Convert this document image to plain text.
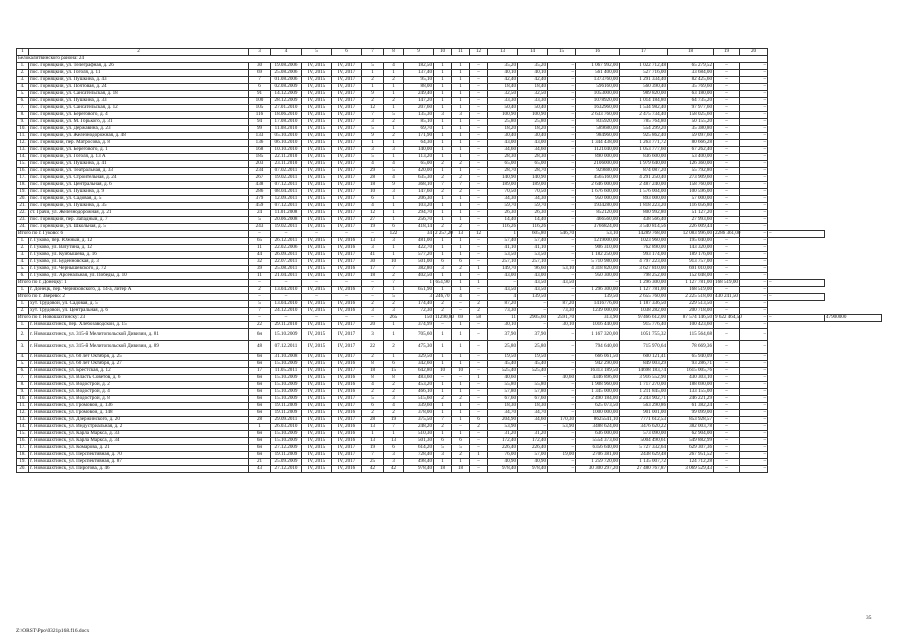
1	2	3	4	5	6	7	8	9	10	11	12	13	14	15	16	17	18	19	20		
Белокалитвинского района: 24																					
1.	пос. Горняцкий, ул. Телеграфная, д. 26	30	19.08.2006	IV, 2015	IV, 2017	5	4	182,50	1	1	–	35,20	35,20	–	1 067 992,00	1 022 712,48	65 279,52	–	–		
2.	пос. Горняцкий, ул. Гоголя, д. 11	69	25.08.2006	IV, 2015	IV, 2017	1	1	137,40	1	1	–	40,10	40,10	–	561 400,00	527 716,00	33 684,00	–	–		
3.	пос. Горняцкий, ул. Пушкина, д. 43	7	01.08.2006	IV, 2015	IV, 2017	2	2	95,10	1	1	–	42,40	42,40	–	1373760,00	1 291 334,40	82 425,60	–	–		
4.	пос. Горняцкий, ул. Почтовая, д. 24	6	02.08.2009	IV, 2015	IV, 2017	1	1	88,00	1	1	–	18,40	18,40	–	596160,00	560 390,40	35 769,60	–	–		
5.	пос. Горняцкий, ул. Сансательская, д. 18	91	14.12.2009	IV, 2015	IV, 2017	9	1	249,40	1	1	–	32,50	32,50	–	1053000,00	989 820,00	63 180,00	–	–		
6.	пос. Горняцкий, ул. Пушкина, д. 33	100	28.12.2009	IV, 2015	IV, 2017	2	2	147,20	1	1	–	33,30	33,30	–	1078920,00	1 014 184,80	64 735,20	–	–		
7.	пос. Горняцкий, ул. Сансательская, д. 12	105	27.01.2010	IV, 2015	IV, 2017	12	1	207,60	1	1	–	50,40	50,40	–	1632960,00	1 534 982,40	97 977,60	–	–		
8.	пос. Горняцкий, ул. Берегового, д. 4	116	18.06.2010	IV, 2015	IV, 2017	7	5	135,30	3	3	–	100,90	100,90	–	2 633 760,00	2 475 734,40	158 025,60	–	–		
9.	пос. Горняцкий, ул. М. Горького, д. 31	94	17.08.2010	IV, 2015	IV, 2017	3	2	85,10	1	1	–	25,80	25,80	–	835920,00	785 764,80	50 155,20	–	–		
10.	пос. Горняцкий, ул. Державина, д. 23	99	11.08.2010	IV, 2015	IV, 2017	5	1	69,70	1	1	–	18,20	18,20	–	589680,00	554 299,20	35 380,80	–	–		
11.	пос. Горняцкий, ул. Железнодорожная, д. 48	133	05.10.2010	IV, 2015	IV, 2017	9	2	171,90	1	1	–	30,40	30,40	–	984960,00	925 862,40	59 097,60	–	–		
12.	пос. Горняцкий, пер. Матросова, д. 8	136	06.10.2010	IV, 2015	IV, 2017	1	1	64,30	1	1	–	43,00	43,00	–	1 344 438,00	1 263 771,72	80 666,28	–	–		
13.	пос. Горняцкий, ул. Берегового, д. 1	168	10.10.2010	IV, 2015	IV, 2017	3	3	140,00	1	1	–	34,60	34,60	–	1121040,00	1 053 777,60	67 262,40	–	–		
14.	пос. Горняцкий, ул. Гоголя, д. 13 А	185	22.11.2010	IV, 2015	IV, 2017	5	1	113,20	1	1	–	28,30	28,30	–	890 000,00	836 600,00	53 400,00	–	–		
15.	пос. Горняцкий, ул. Пушкина, д. 41	203	23.11.2010	IV, 2015	IV, 2017	4	4	65,00	2	2	–	65,00	65,00	–	2106000,00	1 979 640,00	126 360,00	–	–		
16.	пос. Горняцкий, ул. Театральная, д. 33	234	07.02.2011	IV, 2015	IV, 2017	29	5	420,00	1	1	–	28,70	28,70	–	929880,00	874 087,20	55 792,80	–	–		
17.	пос. Горняцкий, ул. Строительная, д. 24	267	19.02.2011	IV, 2015	IV, 2017	28	4	635,30	2	2	–	140,90	140,90	–	4565160,00	4 291 250,40	273 909,60	–	–		
18.	пос. Горняцкий, ул. Центральная, д. 6	438	07.12.2011	IV, 2015	IV, 2017	18	9	368,10	7	7	–	189,00	189,00	–	2 646 000,00	2 487 240,00	158 760,00	–	–		
19.	пос. Горняцкий, ул. Пушкина, д. 9	286	08.04.2011	IV, 2015	IV, 2017	10	3	147,60	2	2	–	70,50	70,50	–	1 676 600,00	1 576 004,00	100 596,00	–	–		
20.	пос. Горняцкий, ул. Садовая, д. 5	379	12.09.2011	IV, 2015	IV, 2017	6	1	206,30	1	1	–	34,30	34,30	–	950 000,00	893 000,00	57 000,00	–	–		
21.	пос. Горняцкий, ул. Пушкина, д. 35	459	07.12.2011	IV, 2015	IV, 2017	4	1	103,20	1	1	–	59,70	59,70	–	1934280,00	1 818 223,20	116 056,80	–	–		
22.	ст. Грачи, ул. Железнодорожная, д. 21	24	11.01.2008	IV, 2015	IV, 2017	12	1	294,70	1	1	–	26,30	26,30	–	852120,00	800 992,80	51 127,20	–	–		
23.	пос. Горняцкий, пер. Западный, д. 7	5	20.06.2008	IV, 2015	IV, 2017	27	1	256,70	1	1	–	14,40	14,40	–	466560,00	438 566,40	27 993,60	–	–		
24.	пос. Горняцкий, ул. Школьная, д. 5	243	19.02.2011	IV, 2015	IV, 2017	19	6	418,14	2	2	–	116,26	116,26	–	3766824,00	3 540 814,56	226 009,44	–	–		
Итого по г. Гуково: 6		–	–	–	–	–	122	34	2 257,20	13	12	1	605,80	546,70	53,10	14289 768,00	12 083 996,00	2286 361,00	–	–	
1.	г. Гуково, пер. Южный, д. 12	65	26.12.2011	IV, 2015	IV, 2016	13	3	481,00	1	1	–	57,40	57,40	–	1219000,00	1023 960,00	195 040,00	–	–		
2.	г. Гуково, ул. Ватутина, д. 12	11	22.02.2006	IV, 2015	IV, 2016	3	1	422,70	1	1	–	41,10	41,10	–	906 310,00	762 890,00	143 320,00	–	–		
3.	г. Гуково, ул. Куйбышева, д. 16	44	26.09.2011	IV, 2015	IV, 2017	41	1	577,20	1	1	–	53,50	53,50	–	1 182 250,00	993 174,00	189 176,00	–	–		
4.	г. Гуково, ул. Буденновская, д. 3	32	22.07.2011	IV, 2015	IV, 2017	30	10	501,00	6	6	–	257,10	257,10	–	5 710 980,00	4 797 223,00	913 757,00	–	–		
5.	г. Гуково, ул. Чернышевского, д. 72	39	25.08.2011	IV, 2015	IV, 2016	17	7	382,80	3	2	1	149,70	96,60	53,10	4 318 820,00	3 627 810,00	691 010,00	–	–		
6.	г. Гуково, ул. Арсенальная, ул. Победы, д. 10	11	21.04.2011	IV, 2015	IV, 2017	18	2	402,50	1	1	–	43,00	43,00	–	950 300,00	798 252,00	152 048,00	–	–		
Итого по г. Донецку: 1		–	–	–	–	–	7	1	651,90	1	1	–	43,50	43,50	–	1 296 300,00	1 127 781,00	168 519,00	–	–	
1.	г. Донецк, пер. Черняховского, д. 14-а, литер А	2	13.04.2010	IV, 2015	IV, 2016	7	1	651,90	1	1	–	43,50	43,50	–	1 296 300,00	1 127 781,00	168 519,00	–	–		
Итого по г. Зверево: 2		–	–	–	–	–	5	3	246,70	4	–	4	139,50	–	139,50	2 655 760,00	2 225 518,00	430 241,50	–	–	
1.	хут. Трудовой, ул. Садовая, д. 5	5	13.04.2010	IV, 2015	IV, 2016	2	2	174,40	2	–	2	87,20	–	87,20	1416776,00	1 187 336,50	229 513,50	–	–		
2.	хут. Трудовой, ул. Центральная, д. 6	7	24.12.2010	IV, 2015	IV, 2016	3	3	72,30	2	–	2	73,30	–	73,30	1239 000,00	1038 282,00	200 718,00	–	–		
Итого по г. Новошахтинску: 23		–	–	–	–	–	265	150	11290,80	69	58	11	2905,60	2591,70	313,90	97466 612,00	87 574 146,50	9 622 464,50	–	–	47900000
1.	г. Новошахтинск, пер. Хлебозаводской, д. 15	22	29.11.2010	IV, 2015	IV, 2017	20	1	374,99	–	1	–	30,10	–	30,10	1016 440,00	915 776,40	100 423,60	–	–		
2.	г. Новошахтинск, ул. 315-й Мелитопольской Дивизии, д. 81	6н	15.10.2009	IV, 2015	IV, 2017	3	1	705,60	1	1	–	37,90	37,90	–	1 167 320,00	1051 755,32	115 564,68	–	–		
3.	г. Новошахтинск, ул. 315-й Мелитопольской Дивизии, д. 89	48	07.12.2011	IV, 2015	IV, 2017	22	2	475,30	1	1	–	25,80	25,80	–	794 640,00	715 970,64	78 669,36	–	–		
4.	г. Новошахтинск, ул. 60 лет Октября, д. 25	6н	31.10.2008	IV, 2015	IV, 2017	2	1	329,50	1	1	–	19,50	19,50	–	666 061,50	600 121,41	65 940,09	–	–		
5.	г. Новошахтинск, ул. 60 лет Октября, д. 27	6н	15.10.2009	IV, 2015	IV, 2016	8	6	342,60	1	1	–	45,40	45,40	–	942 290,00	849 003,29	93 286,71	–	–		
6.	г. Новошахтинск, ул. Брестская, д. 12	17	11.05.2011	IV, 2015	IV, 2017	18	15	642,80	10	10	–	525,40	525,40	–	16313 189,50	14698 183,74	1615 005,76	–	–		
7.	г. Новошахтинск, ул. Власть Советов, д. 6	6н	15.10.2009	IV, 2015	IV, 2016	8	8	483,60	–	–	1	40,60	–	40,60	4346 896,00	3 916 552,90	430 303,10	–	–		
8.	г. Новошахтинск, ул. Водострой, д. 2	6н	15.10.2009	IV, 2015	IV, 2016	4	2	453,20	1	1	–	55,80	55,80	–	1 908 960,00	1 717 270,00	188 690,00	–	–		
9.	г. Новошахтинск, ул. Водострой, д. 4	6н	15.10.2009	IV, 2015	IV, 2016	2	2	466,10	1	1	–	57,80	57,80	–	1 345 000,00	1 211 845,00	133 155,00	–	–		
10.	г. Новошахтинск, ул. Водострой, д. 8	6н	15.10.2009	IV, 2015	IV, 2017	5	3	515,60	2	2	–	67,60	67,60	–	2 490 184,00	2 243 902,71	246 221,29	–	–		
11.	г. Новошахтинск, ул. Громовой, д. 136	6н	19.11.2009	IV, 2015	IV, 2017	6	4	339,60	1	1	–	18,30	18,30	–	625 073,50	563 290,86	61 382,24	–	–		
12.	г. Новошахтинск, ул. Громовой, д. 148	6н	19.11.2009	IV, 2015	IV, 2016	2	2	378,00	1	1	–	34,70	34,70	–	1000 000,00	901 001,00	99 099,00	–	–		
13.	г. Новошахтинск, ул. Дзержинского, д. 20	28	29.09.2011	IV, 2015	IV, 2017	28	19	375,50	7	1	6	204,90	34,60	170,30	8625541,10	7771 612,53	853 928,57	–	–		
14.	г. Новошахтинск, ул. Индустриальная, д. 2	1	26.03.2010	IV, 2015	IV, 2016	13	7	248,20	2	–	2	53,90	–	53,90	3488 624,00	3476 620,22	382 003,78	–	–		
15.	г. Новошахтинск, ул. Карла Маркса, д. 33	6н	15.10.2009	IV, 2015	IV, 2016	1	1	510,30	1	1	–	31,20	31,20	–	636 000,00	573 090,00	62 904,00	–	–		
16.	г. Новошахтинск, ул. Карла Маркса, д. 34	6н	15.10.2009	IV, 2015	IV, 2016	13	13	501,30	6	6	–	172,40	172,40	–	5554 373,60	5004 490,61	549 882,99	–	–		
17.	г. Новошахтинск, ул. Комарова, д. 21	6н	27.12.2009	IV, 2015	IV, 2017	19	6	614,20	5	5	–	226,40	226,40	–	6356 640,00	5 727 332,64	629 307,36	–	–		
18.	г. Новошахтинск, ул. Перспективная, д. 70	6н	19.11.2009	IV, 2015	IV, 2017	7	3	728,40	3	2	1	76,00	57,00	19,00	2706 381,00	2438 629,48	267 951,52	–	–		
19.	г. Новошахтинск, ул. Перспективная, д. 87	21	25.09.2009	IV, 2015	IV, 2017	25	3	498,40	1	1	–	40,90	40,90	–	1 259 720,00	1 135 007,72	124 712,28	–	–		
20.	г. Новошахтинск, ул. Пирогова, д. 46	43	27.12.2010	IV, 2015	IV, 2016	42	42	978,40	18	18	–	978,40	978,40	–	30 300 297,20	27 480 767,87	3 069 529,43	–	–		
Z:\ORST\Ppo\0321p168.f16.docx
35
